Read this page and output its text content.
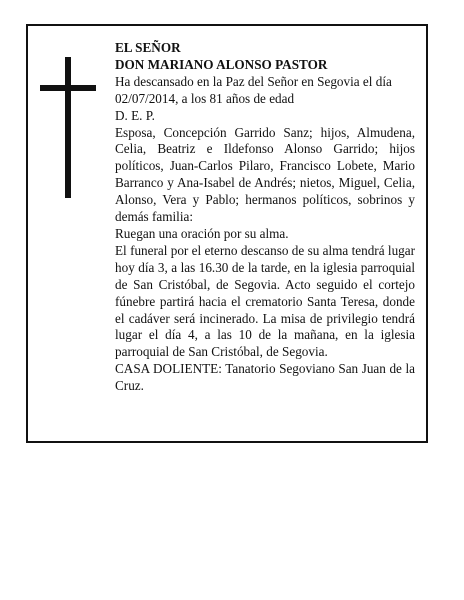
EL SEÑOR

DON MARIANO ALONSO PASTOR

Ha descansado en la Paz del Señor en Segovia el día 02/07/2014, a los 81 años de edad

D. E. P.

Esposa, Concepción Garrido Sanz; hijos, Almudena, Celia, Beatriz e Ildefonso Alonso Garrido; hijos políticos, Juan-Carlos Pilaro, Francisco Lobete, Mario Barranco y Ana-Isabel de Andrés; nietos, Miguel, Celia, Alonso, Vera y Pablo; hermanos políticos, sobrinos y demás familia:

Ruegan una oración por su alma.

El funeral por el eterno descanso de su alma tendrá lugar hoy día 3, a las 16.30 de la tarde, en la iglesia parroquial de San Cristóbal, de Segovia. Acto seguido el cortejo fúnebre partirá hacia el crematorio Santa Teresa, donde el cadáver será incinerado. La misa de privilegio tendrá lugar el día 4, a las 10 de la mañana, en la iglesia parroquial de San Cristóbal, de Segovia.

CASA DOLIENTE: Tanatorio Segoviano San Juan de la Cruz.
